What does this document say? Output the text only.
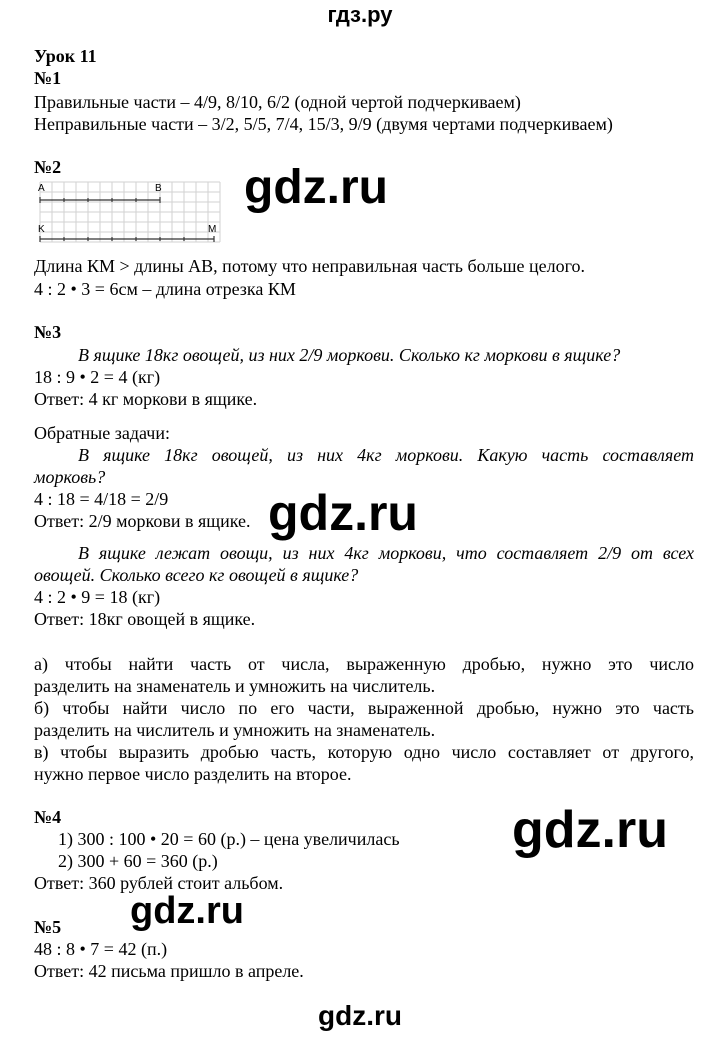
гдз.ру
Урок 11
№1
Правильные части – 4/9, 8/10, 6/2 (одной чертой подчеркиваем)
Неправильные части – 3/2, 5/5, 7/4, 15/3, 9/9 (двумя чертами подчеркиваем)
№2
A	B
K	M
Длина КМ > длины АВ, потому что неправильная часть больше целого.
4 : 2 • 3 = 6см – длина отрезка КМ
№3
В ящике 18кг овощей, из них 2/9 моркови. Сколько кг моркови в ящике?
18 : 9 • 2 = 4 (кг)
Ответ: 4 кг моркови в ящике.
Обратные задачи:
В ящике 18кг овощей, из них 4кг моркови. Какую часть составляет
морковь?
4 : 18 = 4/18 = 2/9
Ответ: 2/9 моркови в ящике.
В ящике лежат овощи, из них 4кг моркови, что составляет 2/9 от всех
овощей. Сколько всего кг овощей в ящике?
4 : 2 • 9 = 18 (кг)
Ответ: 18кг овощей в ящике.
а) чтобы найти часть от числа, выраженную дробью, нужно это число
разделить на знаменатель и умножить на числитель.
б) чтобы найти число по его части, выраженной дробью, нужно это часть
разделить на числитель и умножить на знаменатель.
в) чтобы выразить дробью часть, которую одно число составляет от другого,
нужно первое число разделить на второе.
№4
1) 300 : 100 • 20 = 60 (р.) – цена увеличилась
2) 300 + 60 = 360 (р.)
Ответ: 360 рублей стоит альбом.
№5
48 : 8 • 7 = 42 (п.)
Ответ: 42 письма пришло в апреле.
gdz.ru
gdz.ru
gdz.ru
gdz.ru
gdz.ru
